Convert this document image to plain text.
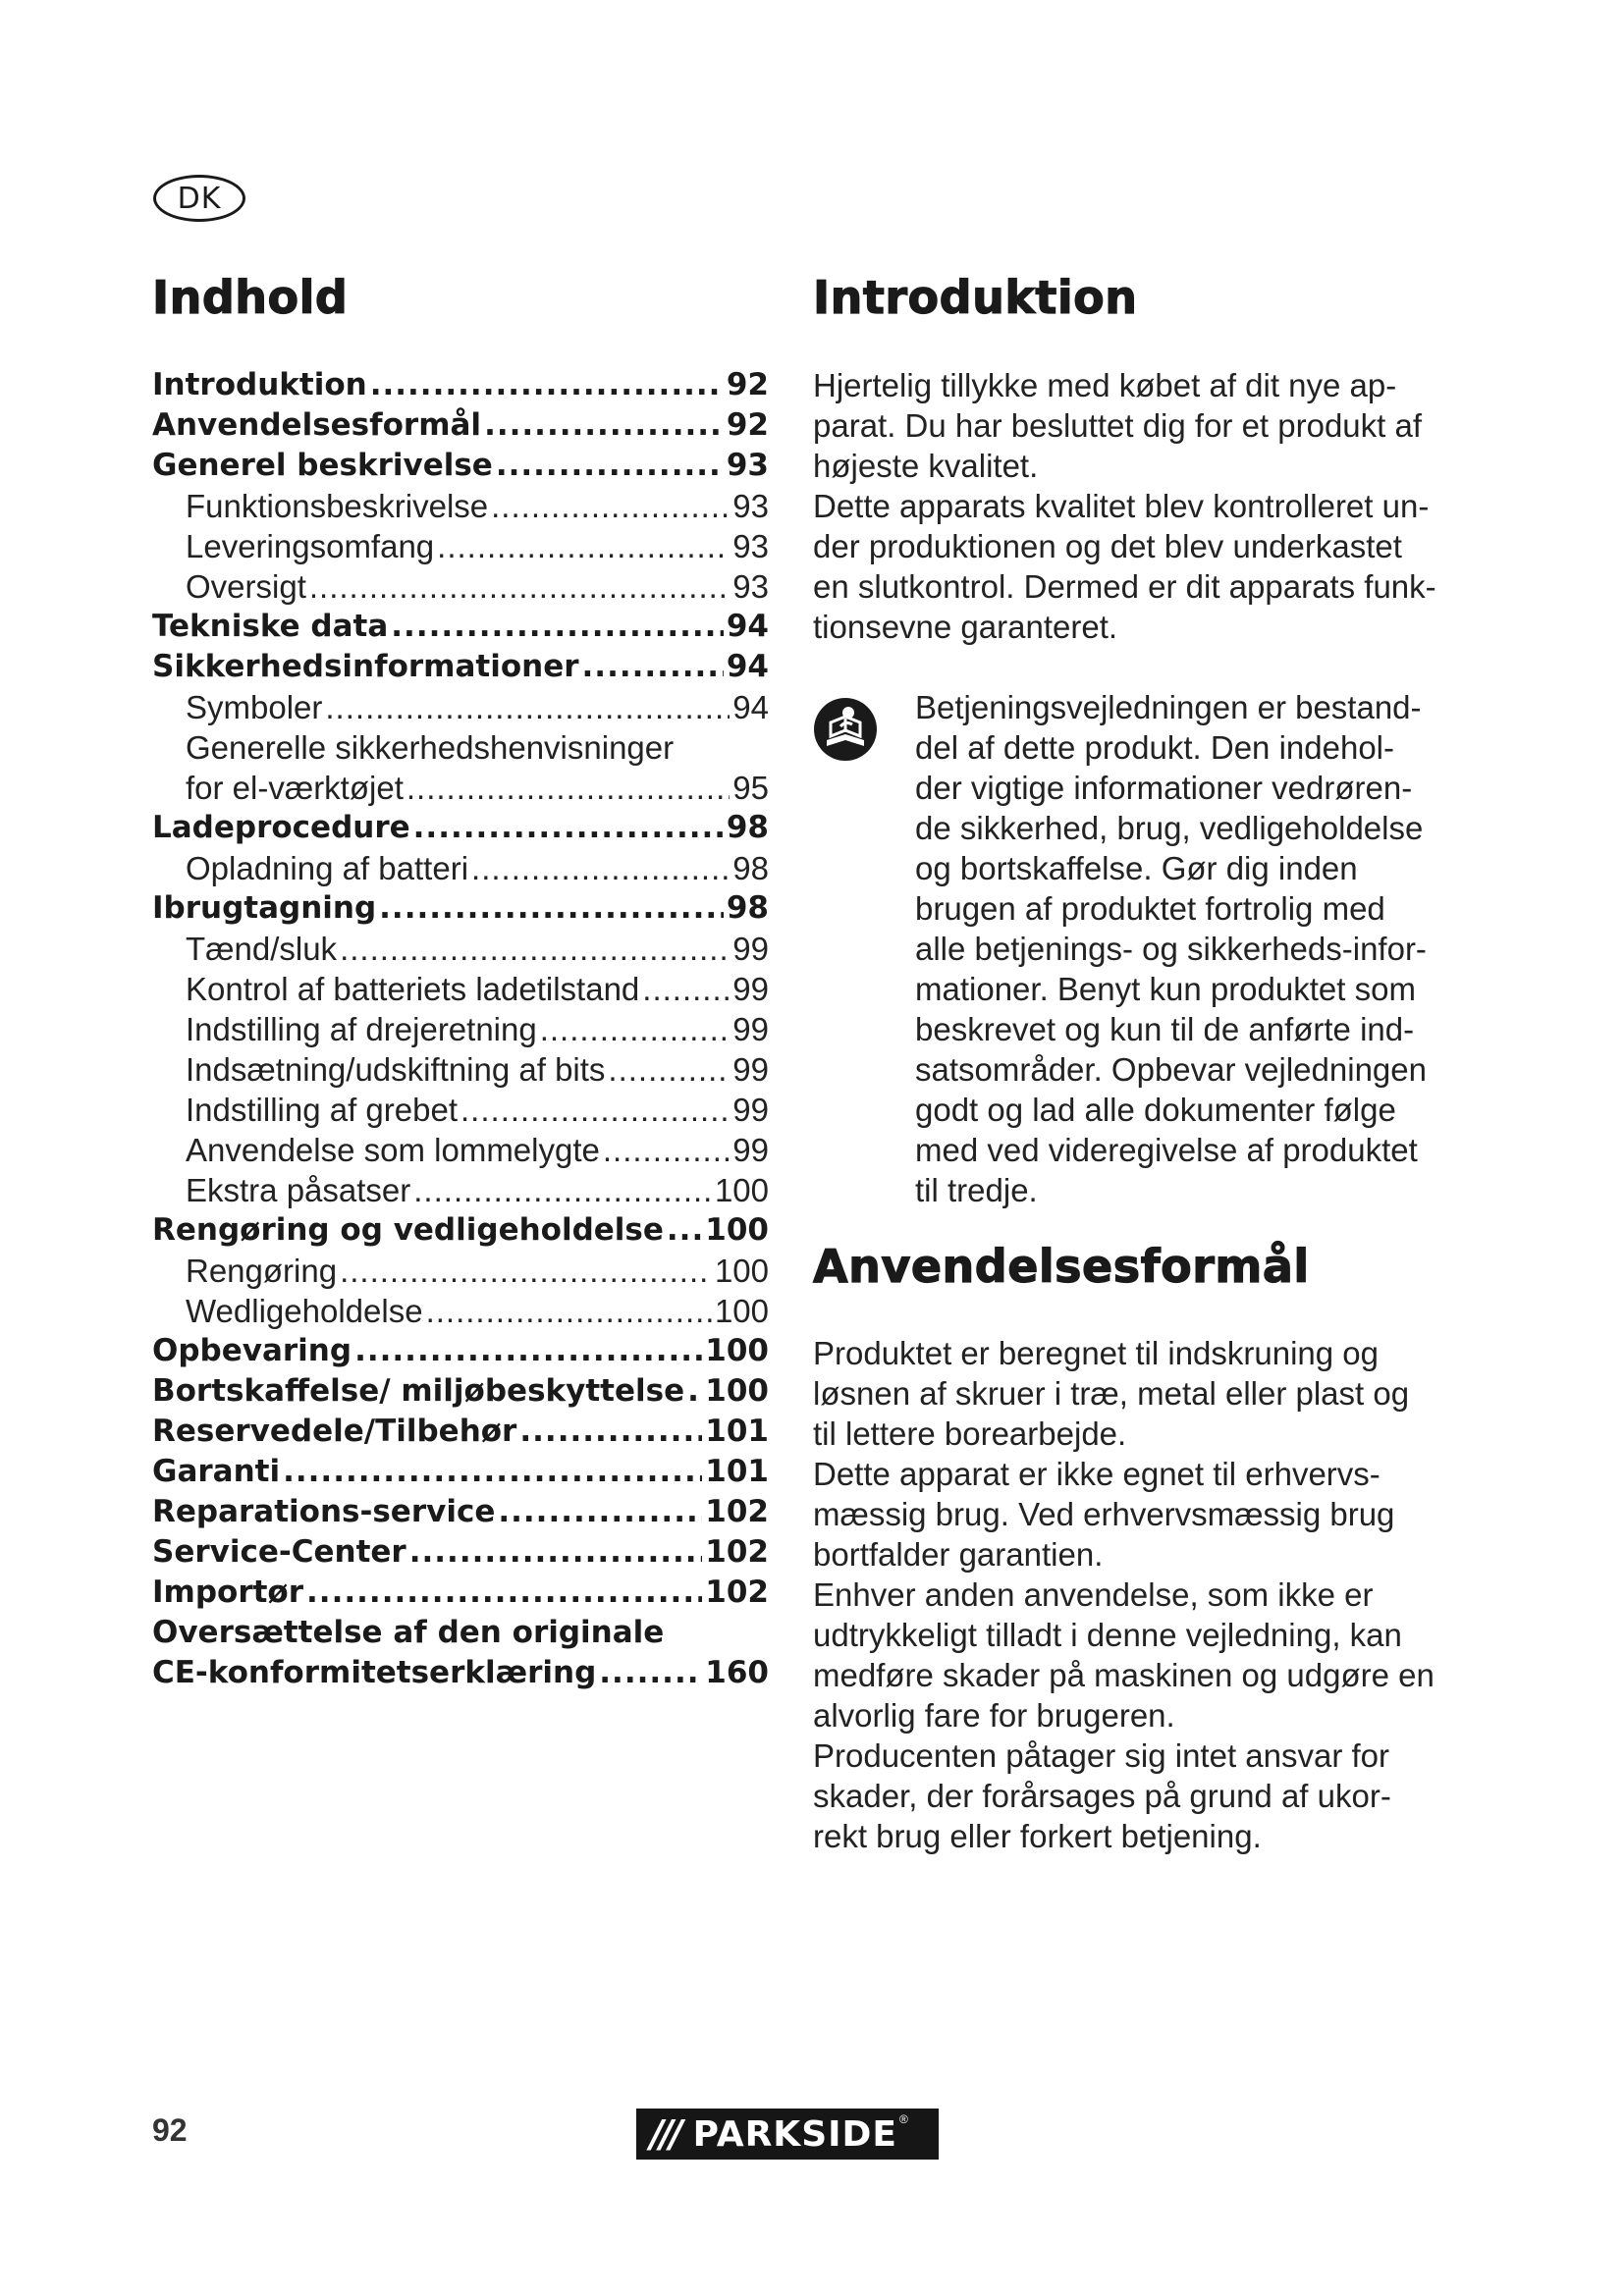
DK
Indhold	Introduktion
Anvendelsesformål
Introduktion .....	92
Anvendelsesformål .....	92
Generel beskrivelse .....	93
Funktionsbeskrivelse .....	93
Leveringsomfang .....	93
Oversigt .....	93
Tekniske data .....	94
Sikkerhedsinformationer .....	94
Symboler .....	94
Generelle sikkerhedshenvisninger
for el-værktøjet .....	95
Ladeprocedure .....	98
Opladning af batteri .....	98
Ibrugtagning .....	98
Tænd/sluk .....	99
Kontrol af batteriets ladetilstand .....	99
Indstilling af drejeretning .....	99
Indsætning/udskiftning af bits .....	99
Indstilling af grebet .....	99
Anvendelse som lommelygte .....	99
Ekstra påsatser .....	100
Rengøring og vedligeholdelse ..... 100
Rengøring .....	100
Wedligeholdelse .....	100
Opbevaring .....	100
Bortskaffelse/ miljøbeskyttelse ..... 100
Reservedele/Tilbehør .....	101
Garanti .....	101
Reparations-service .....	102
Service-Center .....	102
Importør .....	102
Oversættelse af den originale
CE-konformitetserklæring .....	160
Hjertelig tillykke med købet af dit nye ap-
parat. Du har besluttet dig for et produkt af
højeste kvalitet.
Dette apparats kvalitet blev kontrolleret un-
der produktionen og det blev underkastet
en slutkontrol. Dermed er dit apparats funk-
tionsevne garanteret.
Betjeningsvejledningen er bestand-
del af dette produkt. Den indehol-
der vigtige informationer vedrøren-
de sikkerhed, brug, vedligeholdelse
og bortskaffelse. Gør dig inden
brugen af produktet fortrolig med
alle betjenings- og sikkerheds-infor-
mationer. Benyt kun produktet som
beskrevet og kun til de anførte ind-
satsområder. Opbevar vejledningen
godt og lad alle dokumenter følge
med ved videregivelse af produktet
til tredje.
Produktet er beregnet til indskruning og
løsnen af skruer i træ, metal eller plast og
til lettere borearbejde.
Dette apparat er ikke egnet til erhvervs-
mæssig brug. Ved erhvervsmæssig brug
bortfalder garantien.
Enhver anden anvendelse, som ikke er
udtrykkeligt tilladt i denne vejledning, kan
medføre skader på maskinen og udgøre en
alvorlig fare for brugeren.
Producenten påtager sig intet ansvar for
skader, der forårsages på grund af ukor-
rekt brug eller forkert betjening.
92	/// PARKSIDE ®
